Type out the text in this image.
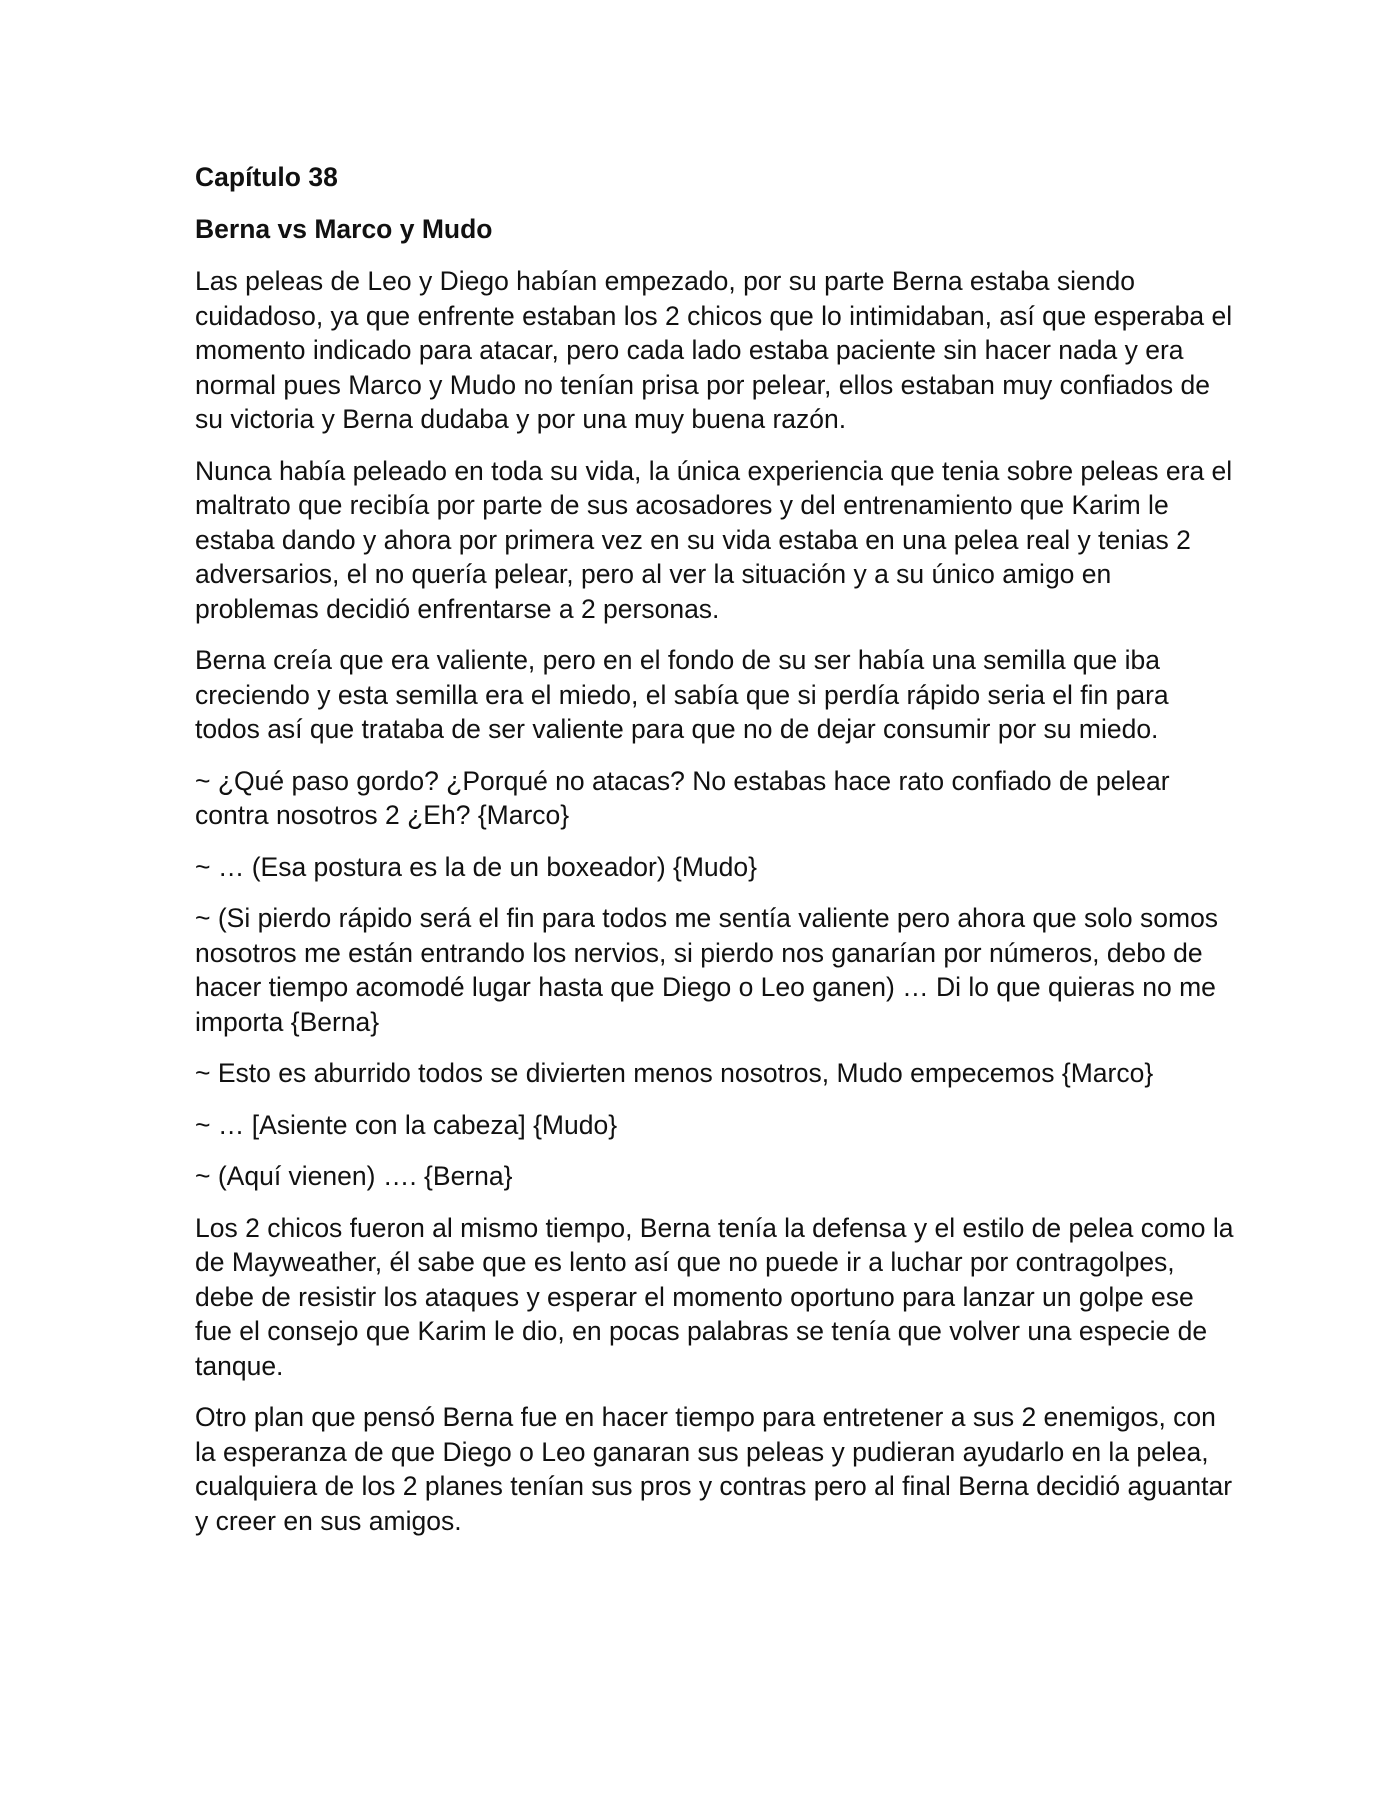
Capítulo 38
Berna vs Marco y Mudo

Las peleas de Leo y Diego habían empezado, por su parte Berna estaba siendo cuidadoso, ya que enfrente estaban los 2 chicos que lo intimidaban, así que esperaba el momento indicado para atacar, pero cada lado estaba paciente sin hacer nada y era normal pues Marco y Mudo no tenían prisa por pelear, ellos estaban muy confiados de su victoria y Berna dudaba y por una muy buena razón.

Nunca había peleado en toda su vida, la única experiencia que tenia sobre peleas era el maltrato que recibía por parte de sus acosadores y del entrenamiento que Karim le estaba dando y ahora por primera vez en su vida estaba en una pelea real y tenias 2 adversarios, el no quería pelear, pero al ver la situación y a su único amigo en problemas decidió enfrentarse a 2 personas.

Berna creía que era valiente, pero en el fondo de su ser había una semilla que iba creciendo y esta semilla era el miedo, el sabía que si perdía rápido seria el fin para todos así que trataba de ser valiente para que no de dejar consumir por su miedo.

~ ¿Qué paso gordo? ¿Porqué no atacas? No estabas hace rato confiado de pelear contra nosotros 2 ¿Eh? {Marco}

~ … (Esa postura es la de un boxeador) {Mudo}

~ (Si pierdo rápido será el fin para todos me sentía valiente pero ahora que solo somos nosotros me están entrando los nervios, si pierdo nos ganarían por números, debo de hacer tiempo acomodé lugar hasta que Diego o Leo ganen) … Di lo que quieras no me importa {Berna}

~ Esto es aburrido todos se divierten menos nosotros, Mudo empecemos {Marco}

~ … [Asiente con la cabeza] {Mudo}

~ (Aquí vienen) …. {Berna}

Los 2 chicos fueron al mismo tiempo, Berna tenía la defensa y el estilo de pelea como la de Mayweather, él sabe que es lento así que no puede ir a luchar por contragolpes, debe de resistir los ataques y esperar el momento oportuno para lanzar un golpe ese fue el consejo que Karim le dio, en pocas palabras se tenía que volver una especie de tanque.

Otro plan que pensó Berna fue en hacer tiempo para entretener a sus 2 enemigos, con la esperanza de que Diego o Leo ganaran sus peleas y pudieran ayudarlo en la pelea, cualquiera de los 2 planes tenían sus pros y contras pero al final Berna decidió aguantar y creer en sus amigos.
